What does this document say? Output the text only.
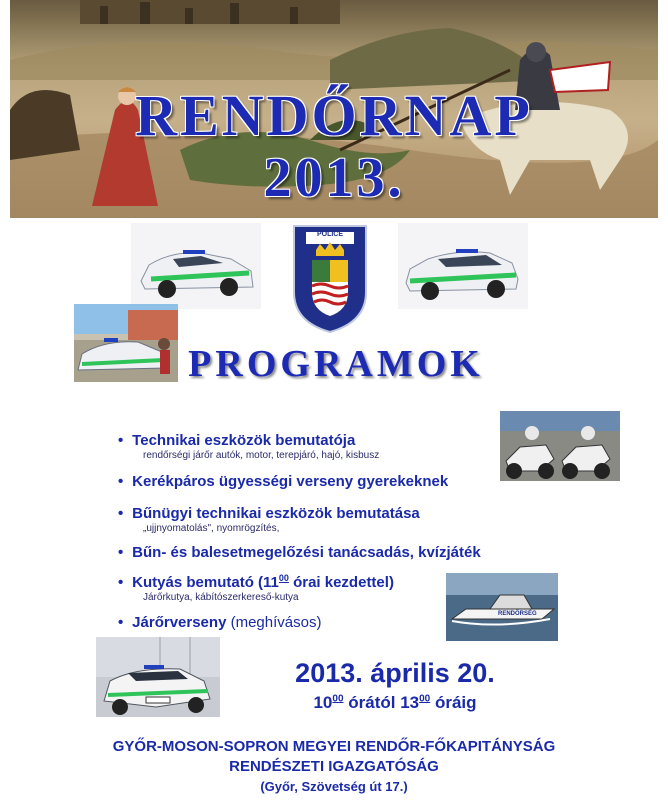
RENDŐRNAP
2013.
POLICE
PROGRAMOK
• Technikai eszközök bemutatója
rendőrségi járőr autók, motor, terepjáró, hajó, kisbusz
• Kerékpáros ügyességi verseny gyerekeknek
• Bűnügyi technikai eszközök bemutatása
„ujjnyomatolás", nyomrögzítés,
• Bűn- és balesetmegelőzési tanácsadás, kvízjáték
• Kutyás bemutató ($11^{00}$ órai kezdettel)
Járőrkutya, kábítószerkereső-kutya
• Járőrverseny (meghívásos)	RENDŐRSÉG
2013. április 20.
$10^{00}$ órától $13^{00}$ óráig
GYŐR-MOSON-SOPRON MEGYEI RENDŐR-FŐKAPITÁNYSÁG
RENDÉSZETI IGAZGATÓSÁG
(Győr, Szövetség út 17.)
